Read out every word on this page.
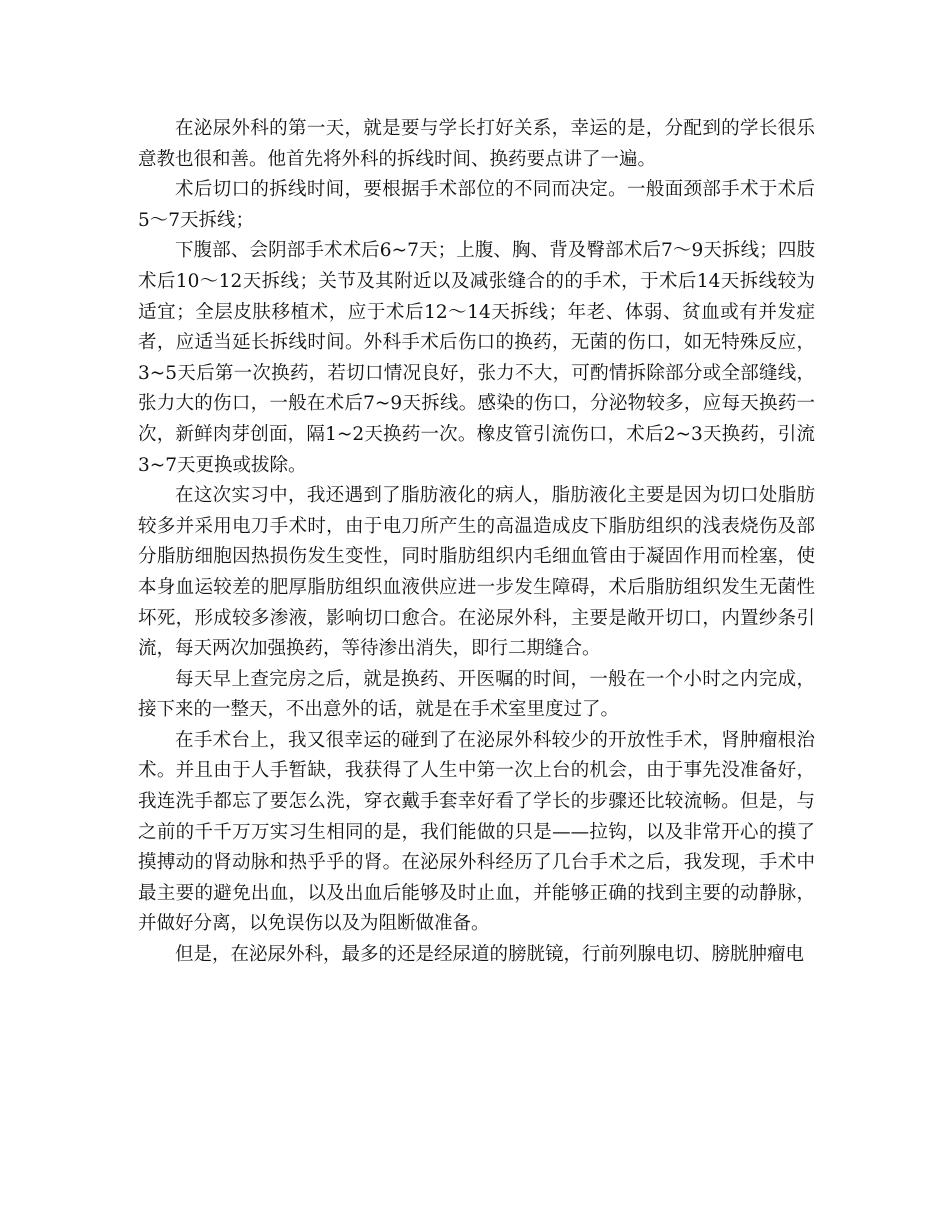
在泌尿外科的第一天，就是要与学长打好关系，幸运的是，分配到的学长很乐意教也很和善。他首先将外科的拆线时间、换药要点讲了一遍。

术后切口的拆线时间，要根据手术部位的不同而决定。一般面颈部手术于术后5～7天拆线；

下腹部、会阴部手术术后6~7天；上腹、胸、背及臀部术后7～9天拆线；四肢术后10～12天拆线；关节及其附近以及减张缝合的的手术，于术后14天拆线较为适宜；全层皮肤移植术，应于术后12～14天拆线；年老、体弱、贫血或有并发症者，应适当延长拆线时间。外科手术后伤口的换药，无菌的伤口，如无特殊反应，3~5天后第一次换药，若切口情况良好，张力不大，可酌情拆除部分或全部缝线，张力大的伤口，一般在术后7~9天拆线。感染的伤口，分泌物较多，应每天换药一次，新鲜肉芽创面，隔1~2天换药一次。橡皮管引流伤口，术后2~3天换药，引流3~7天更换或拔除。

在这次实习中，我还遇到了脂肪液化的病人，脂肪液化主要是因为切口处脂肪较多并采用电刀手术时，由于电刀所产生的高温造成皮下脂肪组织的浅表烧伤及部分脂肪细胞因热损伤发生变性，同时脂肪组织内毛细血管由于凝固作用而栓塞，使本身血运较差的肥厚脂肪组织血液供应进一步发生障碍，术后脂肪组织发生无菌性坏死，形成较多渗液，影响切口愈合。在泌尿外科，主要是敞开切口，内置纱条引流，每天两次加强换药，等待渗出消失，即行二期缝合。

每天早上查完房之后，就是换药、开医嘱的时间，一般在一个小时之内完成，接下来的一整天，不出意外的话，就是在手术室里度过了。

在手术台上，我又很幸运的碰到了在泌尿外科较少的开放性手术，肾肿瘤根治术。并且由于人手暂缺，我获得了人生中第一次上台的机会，由于事先没准备好，我连洗手都忘了要怎么洗，穿衣戴手套幸好看了学长的步骤还比较流畅。但是，与之前的千千万万实习生相同的是，我们能做的只是——拉钩，以及非常开心的摸了摸搏动的肾动脉和热乎乎的肾。在泌尿外科经历了几台手术之后，我发现，手术中最主要的避免出血，以及出血后能够及时止血，并能够正确的找到主要的动静脉，并做好分离，以免误伤以及为阻断做准备。

但是，在泌尿外科，最多的还是经尿道的膀胱镜，行前列腺电切、膀胱肿瘤电
